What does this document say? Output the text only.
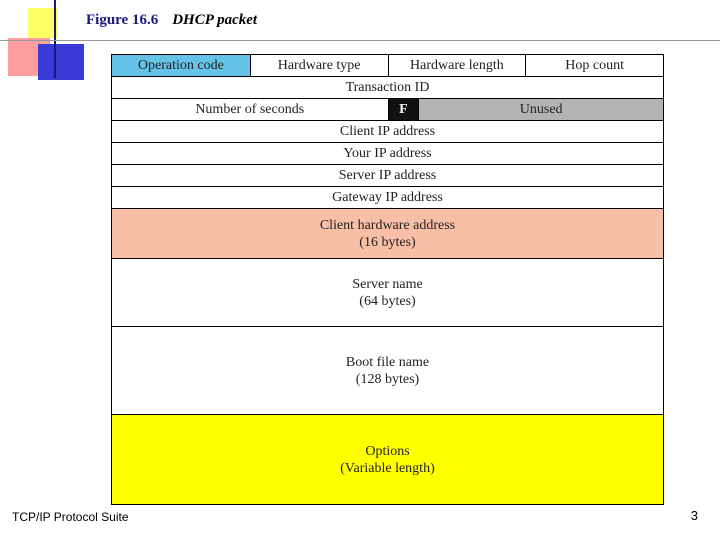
Figure 16.6 DHCP packet
Operation code	Hardware type	Hardware length	Hop count
Transaction ID
Number of seconds	F	Unused
Client IP address
Your IP address
Server IP address
Gateway IP address
Client hardware address
(16 bytes)
Server name
(64 bytes)
Boot file name
(128 bytes)
Options
(Variable length)
TCP/IP Protocol Suite	3
